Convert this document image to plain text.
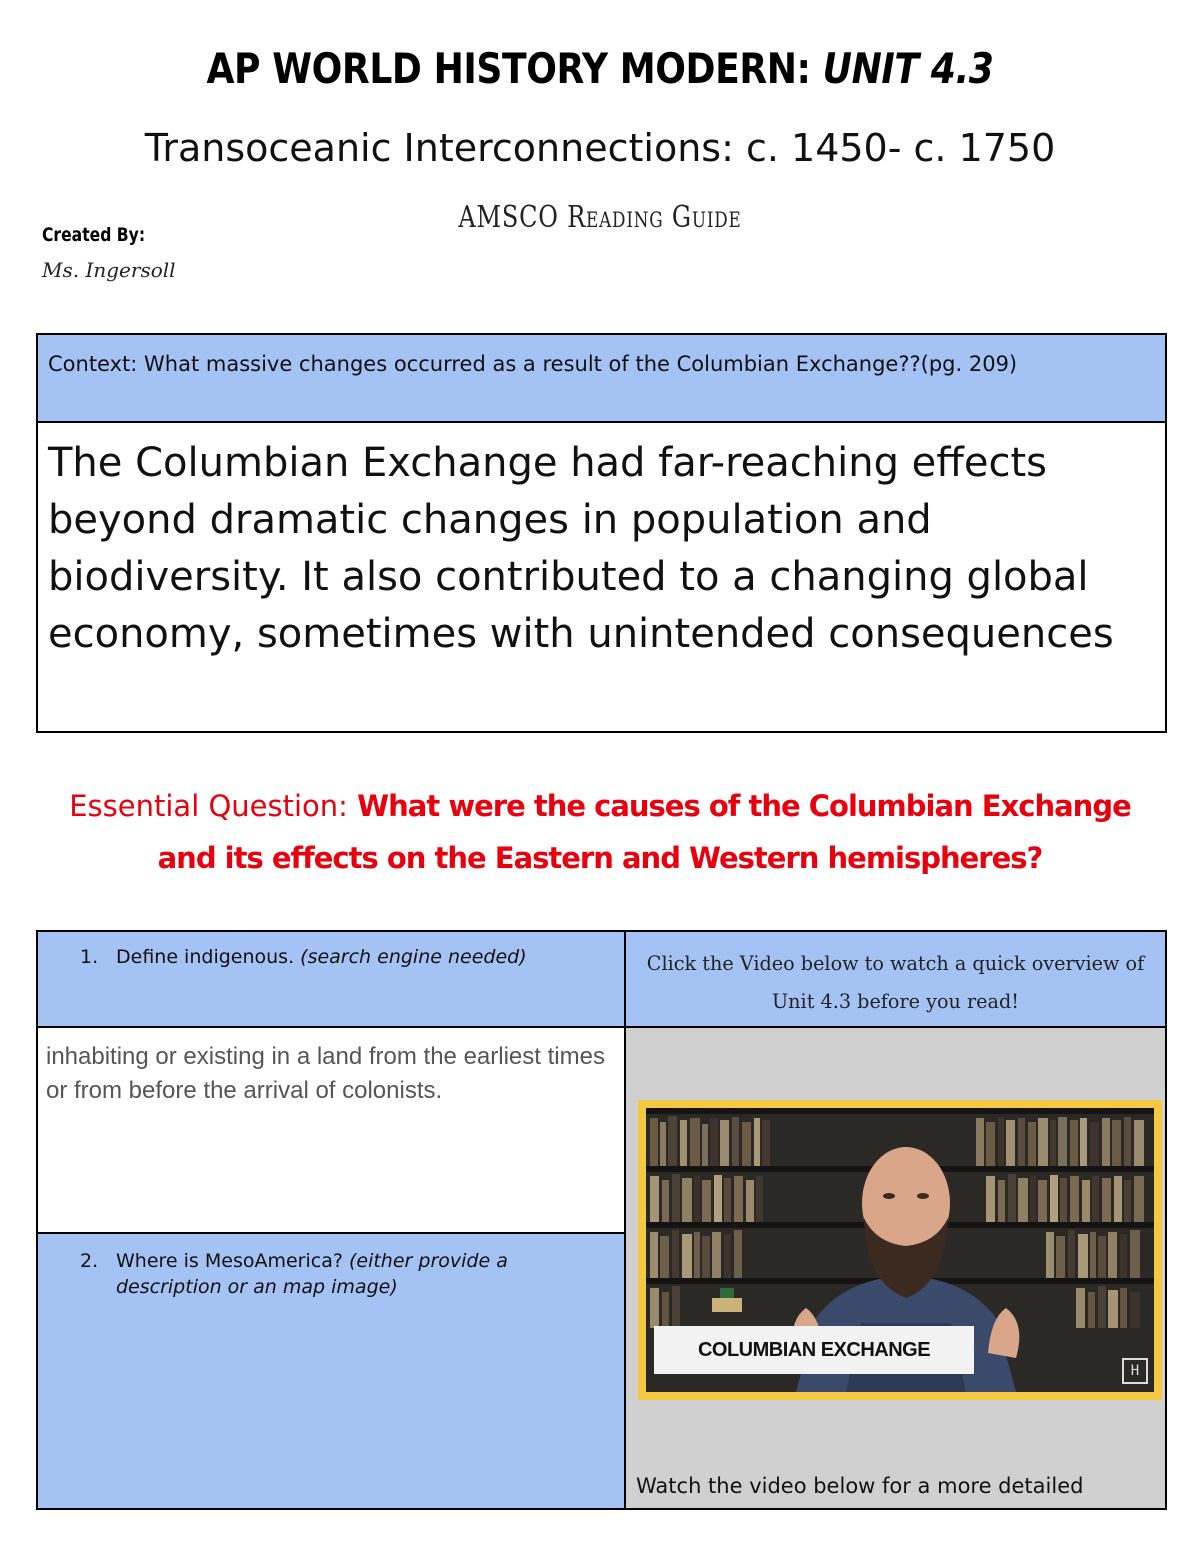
AP WORLD HISTORY MODERN: UNIT 4.3
Transoceanic Interconnections: c. 1450- c. 1750
AMSCO Reading Guide
Created By:
Ms. Ingersoll
Context: What massive changes occurred as a result of the Columbian Exchange??(pg. 209)
The Columbian Exchange had far-reaching effects beyond dramatic changes in population and biodiversity. It also contributed to a changing global economy, sometimes with unintended consequences
Essential Question: What were the causes of the Columbian Exchange and its effects on the Eastern and Western hemispheres?
1. Define indigenous. (search engine needed)	Click the Video below to watch a quick overview of Unit 4.3 before you read!
inhabiting or existing in a land from the earliest times or from before the arrival of colonists.
2. Where is MesoAmerica? (either provide a description or an map image)
COLUMBIAN EXCHANGE
H
Watch the video below for a more detailed
